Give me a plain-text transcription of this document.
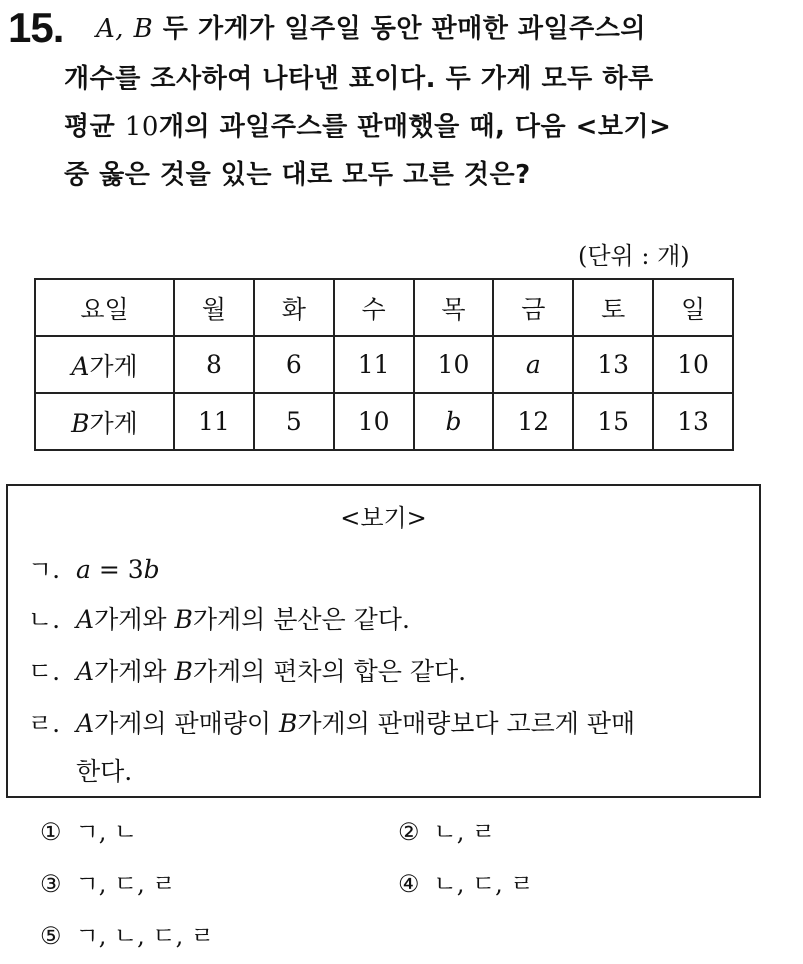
15. A, B 두 가게가 일주일 동안 판매한 과일주스의
개수를 조사하여 나타낸 표이다. 두 가게 모두 하루
평균 10개의 과일주스를 판매했을 때, 다음 <보기>
중 옳은 것을 있는 대로 모두 고른 것은?
(단위 : 개)
요일	월	화	수	목	금	토	일
A가게	8	6	11	10	a	13	10
B가게	11	5	10	b	12	15	13
<보기>
ㄱ. a = 3b
ㄴ. A가게와 B가게의 분산은 같다.
ㄷ. A가게와 B가게의 편차의 합은 같다.
ㄹ. A가게의 판매량이 B가게의 판매량보다 고르게 판매
한다.
① ㄱ, ㄴ	② ㄴ, ㄹ
③ ㄱ, ㄷ, ㄹ	④ ㄴ, ㄷ, ㄹ
⑤ ㄱ, ㄴ, ㄷ, ㄹ
